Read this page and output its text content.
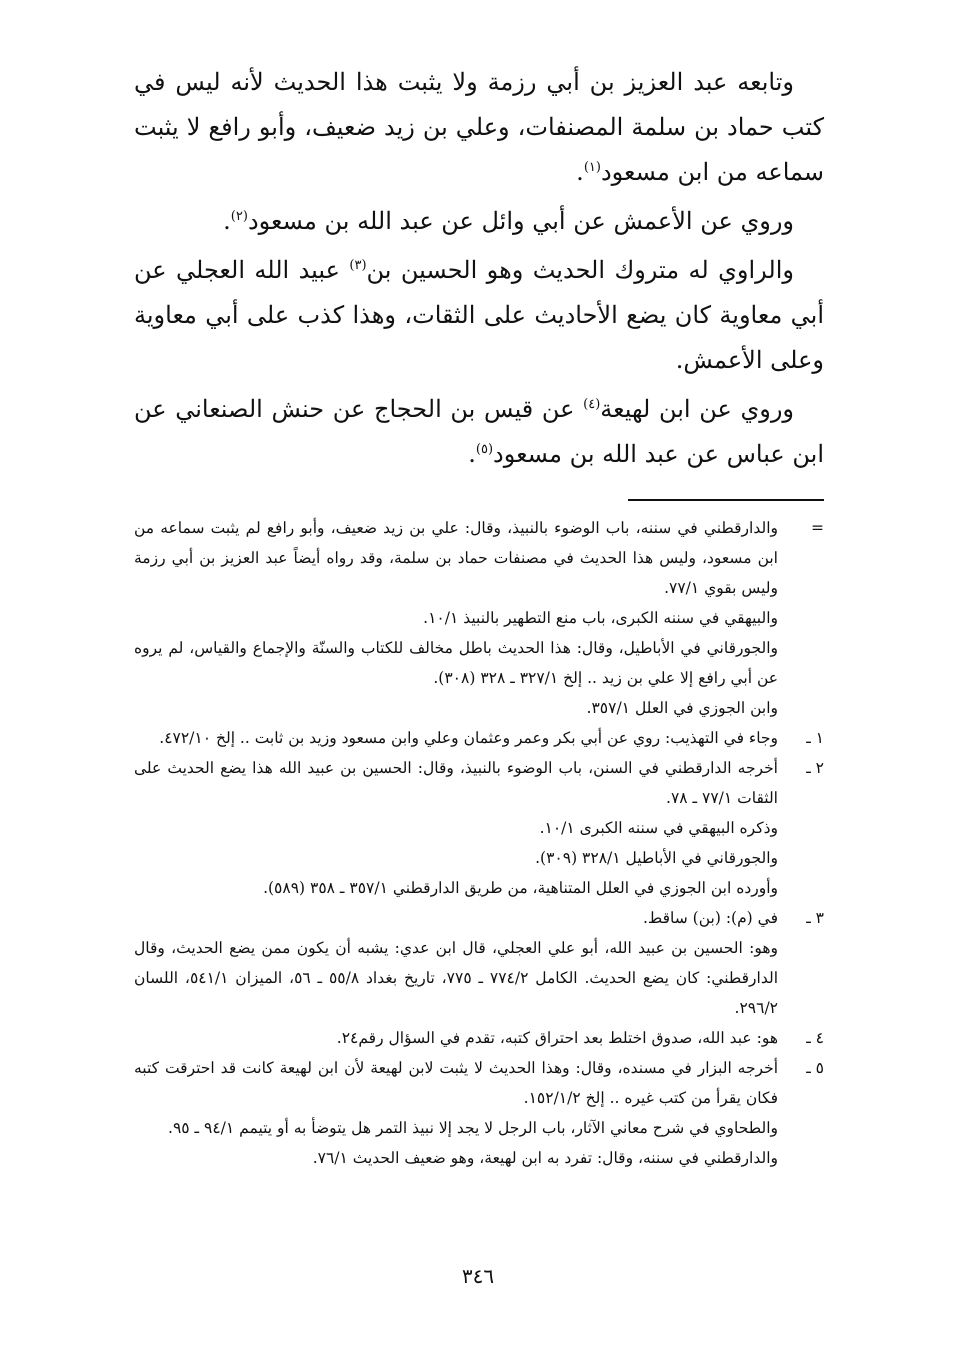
وتابعه عبد العزيز بن أبي رزمة ولا يثبت هذا الحديث لأنه ليس في كتب حماد بن سلمة المصنفات، وعلي بن زيد ضعيف، وأبو رافع لا يثبت سماعه من ابن مسعود$^{(١)}$.

وروي عن الأعمش عن أبي وائل عن عبد الله بن مسعود$^{(٢)}$.

والراوي له متروك الحديث وهو الحسين بن$^{(٣)}$ عبيد الله العجلي عن أبي معاوية كان يضع الأحاديث على الثقات، وهذا كذب على أبي معاوية وعلى الأعمش.

وروي عن ابن لهيعة$^{(٤)}$ عن قيس بن الحجاج عن حنش الصنعاني عن ابن عباس عن عبد الله بن مسعود$^{(٥)}$.

=
والدارقطني في سننه، باب الوضوء بالنبيذ، وقال: علي بن زيد ضعيف، وأبو رافع لم يثبت سماعه من ابن مسعود، وليس هذا الحديث في مصنفات حماد بن سلمة، وقد رواه أيضاً عبد العزيز بن أبي رزمة وليس بقوي ٧٧/١.
والبيهقي في سننه الكبرى، باب منع التطهير بالنبيذ ١٠/١.
والجورقاني في الأباطيل، وقال: هذا الحديث باطل مخالف للكتاب والسنّة والإجماع والقياس، لم يروه عن أبي رافع إلا علي بن زيد .. إلخ ٣٢٧/١ ـ ٣٢٨ (٣٠٨).
وابن الجوزي في العلل ٣٥٧/١.
١ ـ
وجاء في التهذيب: روي عن أبي بكر وعمر وعثمان وعلي وابن مسعود وزيد بن ثابت .. إلخ ٤٧٢/١٠.
٢ ـ
أخرجه الدارقطني في السنن، باب الوضوء بالنبيذ، وقال: الحسين بن عبيد الله هذا يضع الحديث على الثقات ٧٧/١ ـ ٧٨.
وذكره البيهقي في سننه الكبرى ١٠/١.
والجورقاني في الأباطيل ٣٢٨/١ (٣٠٩).
وأورده ابن الجوزي في العلل المتناهية، من طريق الدارقطني ٣٥٧/١ ـ ٣٥٨ (٥٨٩).
٣ ـ
في (م): (بن) ساقط.
وهو: الحسين بن عبيد الله، أبو علي العجلي، قال ابن عدي: يشبه أن يكون ممن يضع الحديث، وقال الدارقطني: كان يضع الحديث. الكامل ٧٧٤/٢ ـ ٧٧٥، تاريخ بغداد ٥٥/٨ ـ ٥٦، الميزان ٥٤١/١، اللسان ٢٩٦/٢.
٤ ـ
هو: عبد الله، صدوق اختلط بعد احتراق كتبه، تقدم في السؤال رقم٢٤.
٥ ـ
أخرجه البزار في مسنده، وقال: وهذا الحديث لا يثبت لابن لهيعة لأن ابن لهيعة كانت قد احترقت كتبه فكان يقرأ من كتب غيره .. إلخ ١٥٢/١/٢.
والطحاوي في شرح معاني الآثار، باب الرجل لا يجد إلا نبيذ التمر هل يتوضأ به أو يتيمم ٩٤/١ ـ ٩٥.
والدارقطني في سننه، وقال: تفرد به ابن لهيعة، وهو ضعيف الحديث ٧٦/١.
٣٤٦
